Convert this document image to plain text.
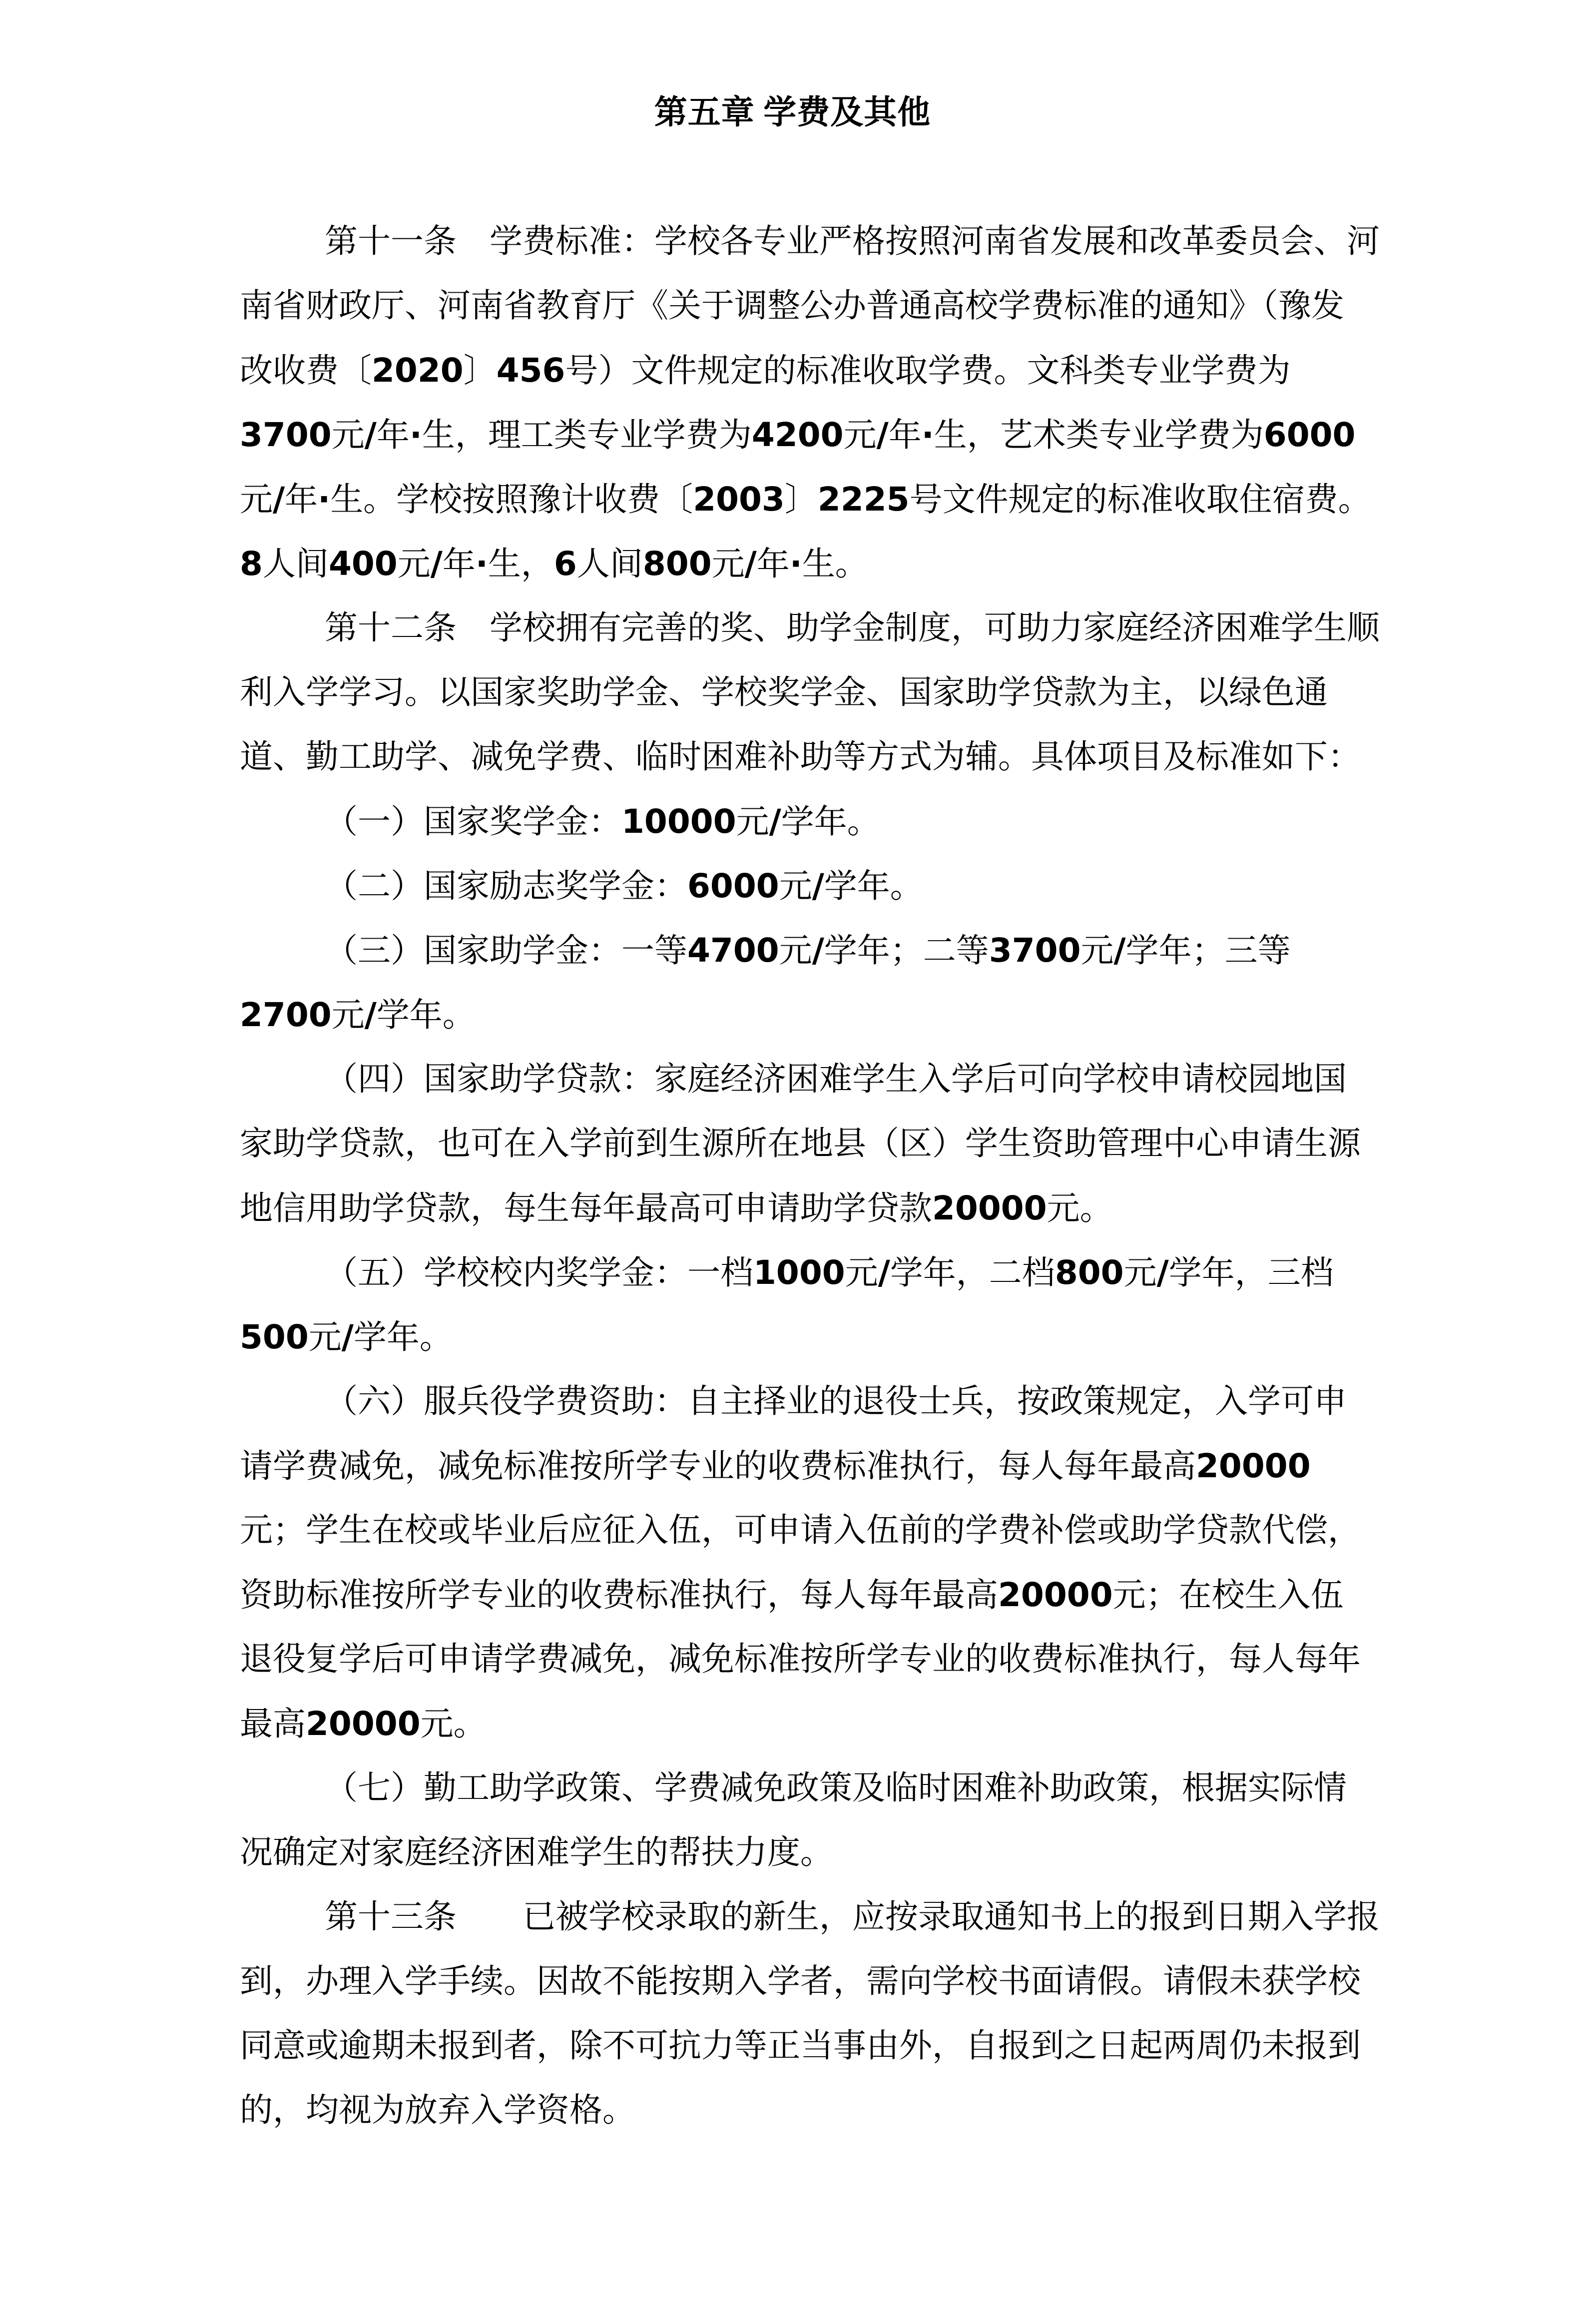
第五章 学费及其他
第十一条　学费标准：学校各专业严格按照河南省发展和改革委员会、河
南省财政厅、河南省教育厅《关于调整公办普通高校学费标准的通知》（豫发
改收费〔2020〕456号）文件规定的标准收取学费。文科类专业学费为
3700元/年·生，理工类专业学费为4200元/年·生，艺术类专业学费为6000
元/年·生。学校按照豫计收费〔2003〕2225号文件规定的标准收取住宿费。
8人间400元/年·生，6人间800元/年·生。
第十二条　学校拥有完善的奖、助学金制度，可助力家庭经济困难学生顺
利入学学习。以国家奖助学金、学校奖学金、国家助学贷款为主，以绿色通
道、勤工助学、减免学费、临时困难补助等方式为辅。具体项目及标准如下：
（一）国家奖学金：10000元/学年。
（二）国家励志奖学金：6000元/学年。
（三）国家助学金：一等4700元/学年；二等3700元/学年；三等
2700元/学年。
（四）国家助学贷款：家庭经济困难学生入学后可向学校申请校园地国
家助学贷款，也可在入学前到生源所在地县（区）学生资助管理中心申请生源
地信用助学贷款，每生每年最高可申请助学贷款20000元。
（五）学校校内奖学金：一档1000元/学年，二档800元/学年，三档
500元/学年。
（六）服兵役学费资助：自主择业的退役士兵，按政策规定，入学可申
请学费减免，减免标准按所学专业的收费标准执行，每人每年最高20000
元；学生在校或毕业后应征入伍，可申请入伍前的学费补偿或助学贷款代偿，
资助标准按所学专业的收费标准执行，每人每年最高20000元；在校生入伍
退役复学后可申请学费减免，减免标准按所学专业的收费标准执行，每人每年
最高20000元。
（七）勤工助学政策、学费减免政策及临时困难补助政策，根据实际情
况确定对家庭经济困难学生的帮扶力度。
第十三条　　已被学校录取的新生，应按录取通知书上的报到日期入学报
到，办理入学手续。因故不能按期入学者，需向学校书面请假。请假未获学校
同意或逾期未报到者，除不可抗力等正当事由外，自报到之日起两周仍未报到
的，均视为放弃入学资格。
